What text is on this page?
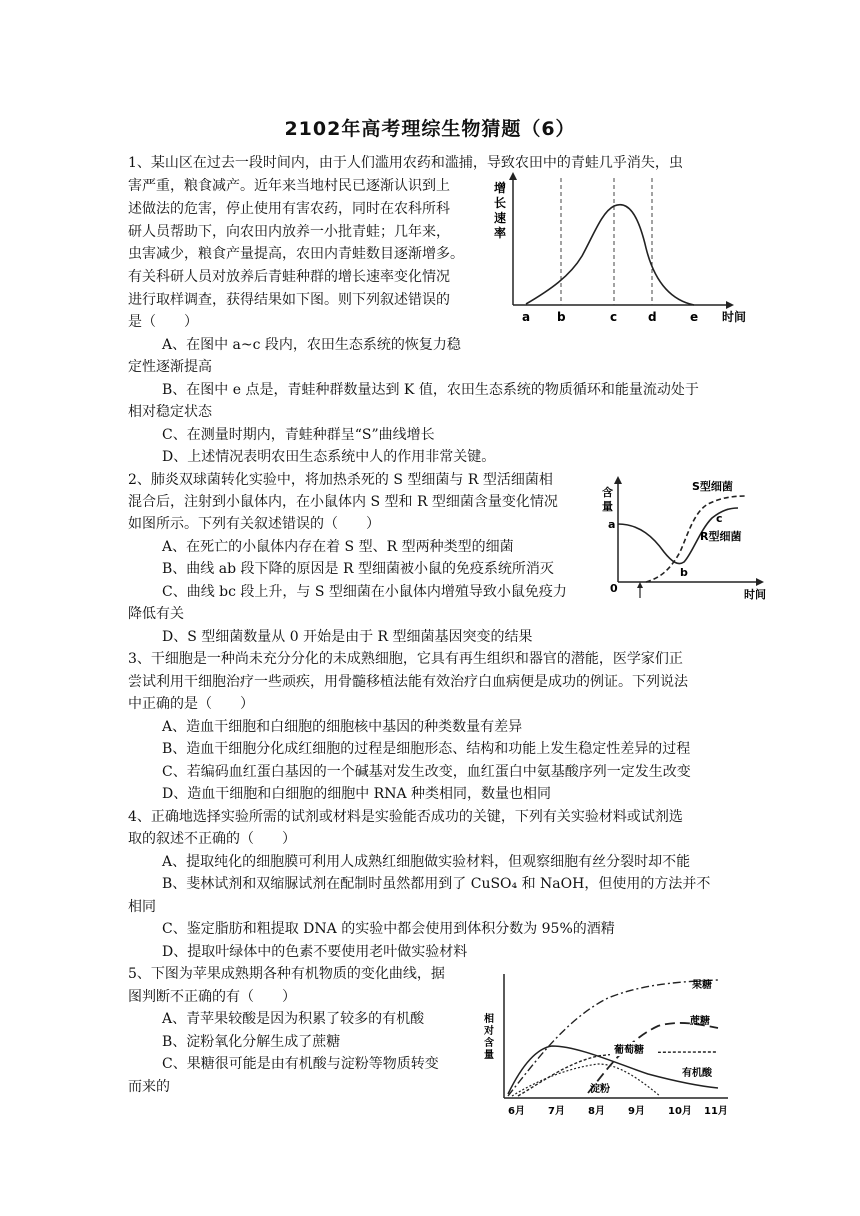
2102年高考理综生物猜题（6）
1、某山区在过去一段时间内，由于人们滥用农药和滥捕，导致农田中的青蛙几乎消失，虫
害严重，粮食减产。近年来当地村民已逐渐认识到上
述做法的危害，停止使用有害农药，同时在农科所科
研人员帮助下，向农田内放养一小批青蛙；几年来，
虫害减少，粮食产量提高，农田内青蛙数目逐渐增多。
有关科研人员对放养后青蛙种群的增长速率变化情况
进行取样调查，获得结果如下图。则下列叙述错误的
是（　　）
A、在图中 a~c 段内，农田生态系统的恢复力稳
定性逐渐提高
B、在图中 e 点是，青蛙种群数量达到 K 值，农田生态系统的物质循环和能量流动处于
相对稳定状态
C、在测量时期内，青蛙种群呈“S”曲线增长
D、上述情况表明农田生态系统中人的作用非常关键。
增
长
速
率
a b	c	d	e 时间
2、肺炎双球菌转化实验中，将加热杀死的 S 型细菌与 R 型活细菌相
混合后，注射到小鼠体内，在小鼠体内 S 型和 R 型细菌含量变化情况
如图所示。下列有关叙述错误的（　　）
A、在死亡的小鼠体内存在着 S 型、R 型两种类型的细菌
B、曲线 ab 段下降的原因是 R 型细菌被小鼠的免疫系统所消灭
C、曲线 bc 段上升，与 S 型细菌在小鼠体内增殖导致小鼠免疫力
降低有关
D、S 型细菌数量从 0 开始是由于 R 型细菌基因突变的结果
含
量
a
0
S型细菌
c
R型细菌
b
时间
3、干细胞是一种尚未充分分化的未成熟细胞，它具有再生组织和器官的潜能，医学家们正
尝试利用干细胞治疗一些顽疾，用骨髓移植法能有效治疗白血病便是成功的例证。下列说法
中正确的是（　　）
A、造血干细胞和白细胞的细胞核中基因的种类数量有差异
B、造血干细胞分化成红细胞的过程是细胞形态、结构和功能上发生稳定性差异的过程
C、若编码血红蛋白基因的一个碱基对发生改变，血红蛋白中氨基酸序列一定发生改变
D、造血干细胞和白细胞的细胞中 RNA 种类相同，数量也相同
4、正确地选择实验所需的试剂或材料是实验能否成功的关键，下列有关实验材料或试剂选
取的叙述不正确的（　　）
A、提取纯化的细胞膜可利用人成熟红细胞做实验材料，但观察细胞有丝分裂时却不能
B、斐林试剂和双缩脲试剂在配制时虽然都用到了 CuSO₄ 和 NaOH，但使用的方法并不
相同
C、鉴定脂肪和粗提取 DNA 的实验中都会使用到体积分数为 95%的酒精
D、提取叶绿体中的色素不要使用老叶做实验材料
5、下图为苹果成熟期各种有机物质的变化曲线，据
图判断不正确的有（　　）
A、青苹果较酸是因为积累了较多的有机酸
B、淀粉氧化分解生成了蔗糖
C、果糖很可能是由有机酸与淀粉等物质转变
而来的
相
对
含
量
果糖
蔗糖
葡萄糖
有机酸
淀粉
6月 7月 8月 9月 10月 11月
